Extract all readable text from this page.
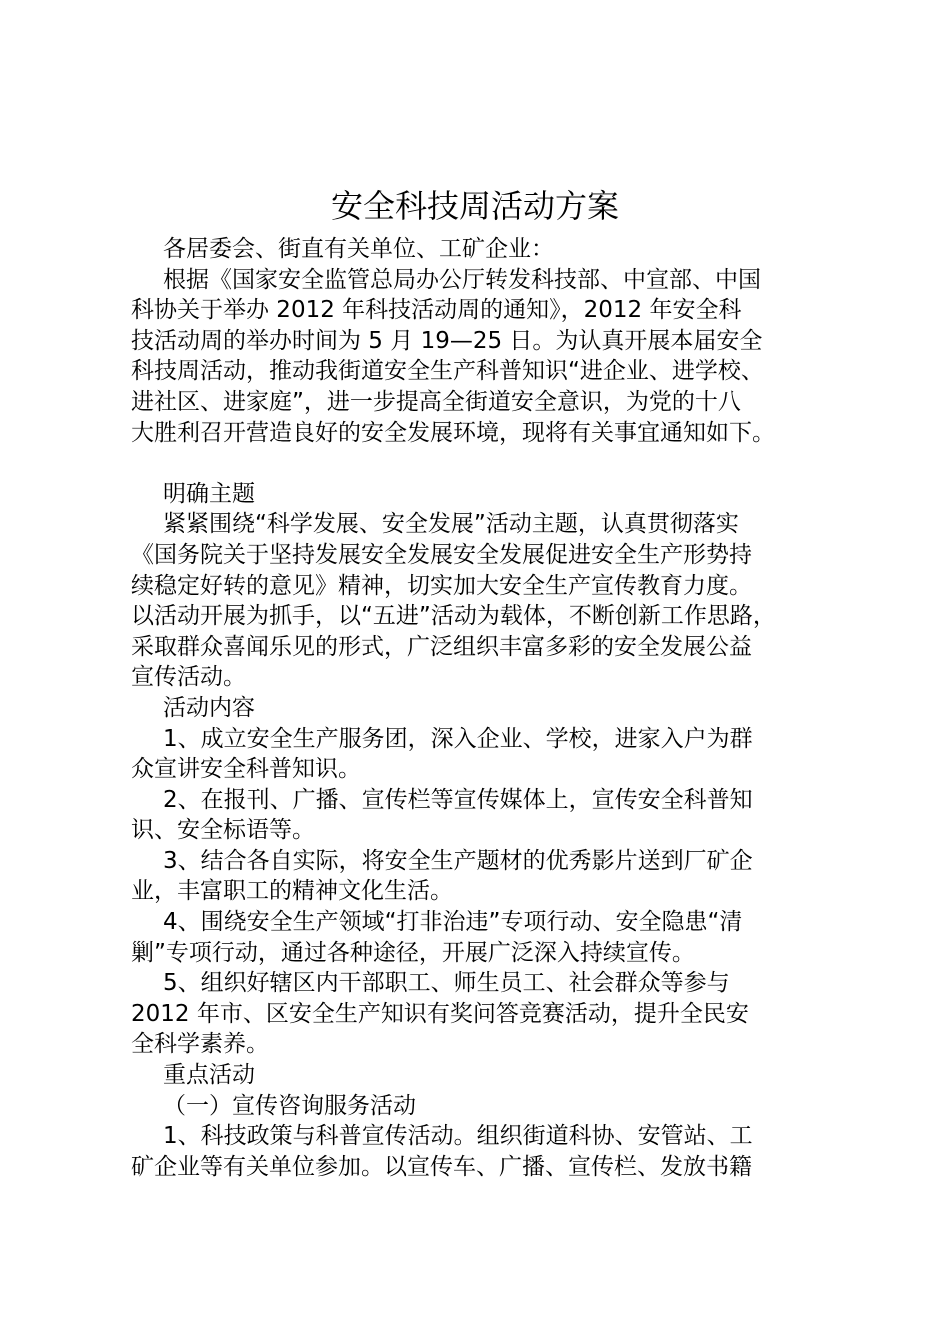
安全科技周活动方案
各居委会、街直有关单位、工矿企业：
根据《国家安全监管总局办公厅转发科技部、中宣部、中国
科协关于举办 2012 年科技活动周的通知》，2012 年安全科
技活动周的举办时间为 5 月 19—25 日。为认真开展本届安全
科技周活动，推动我街道安全生产科普知识“进企业、进学校、
进社区、进家庭”，进一步提高全街道安全意识，为党的十八
大胜利召开营造良好的安全发展环境，现将有关事宜通知如下。
明确主题
紧紧围绕“科学发展、安全发展”活动主题，认真贯彻落实
《国务院关于坚持发展安全发展安全发展促进安全生产形势持
续稳定好转的意见》精神，切实加大安全生产宣传教育力度。
以活动开展为抓手，以“五进”活动为载体，不断创新工作思路，
采取群众喜闻乐见的形式，广泛组织丰富多彩的安全发展公益
宣传活动。
活动内容
1、成立安全生产服务团，深入企业、学校，进家入户为群
众宣讲安全科普知识。
2、在报刊、广播、宣传栏等宣传媒体上，宣传安全科普知
识、安全标语等。
3、结合各自实际，将安全生产题材的优秀影片送到厂矿企
业，丰富职工的精神文化生活。
4、围绕安全生产领域“打非治违”专项行动、安全隐患“清
剿”专项行动，通过各种途径，开展广泛深入持续宣传。
5、组织好辖区内干部职工、师生员工、社会群众等参与
2012 年市、区安全生产知识有奖问答竞赛活动，提升全民安
全科学素养。
重点活动
（一）宣传咨询服务活动
1、科技政策与科普宣传活动。组织街道科协、安管站、工
矿企业等有关单位参加。以宣传车、广播、宣传栏、发放书籍
